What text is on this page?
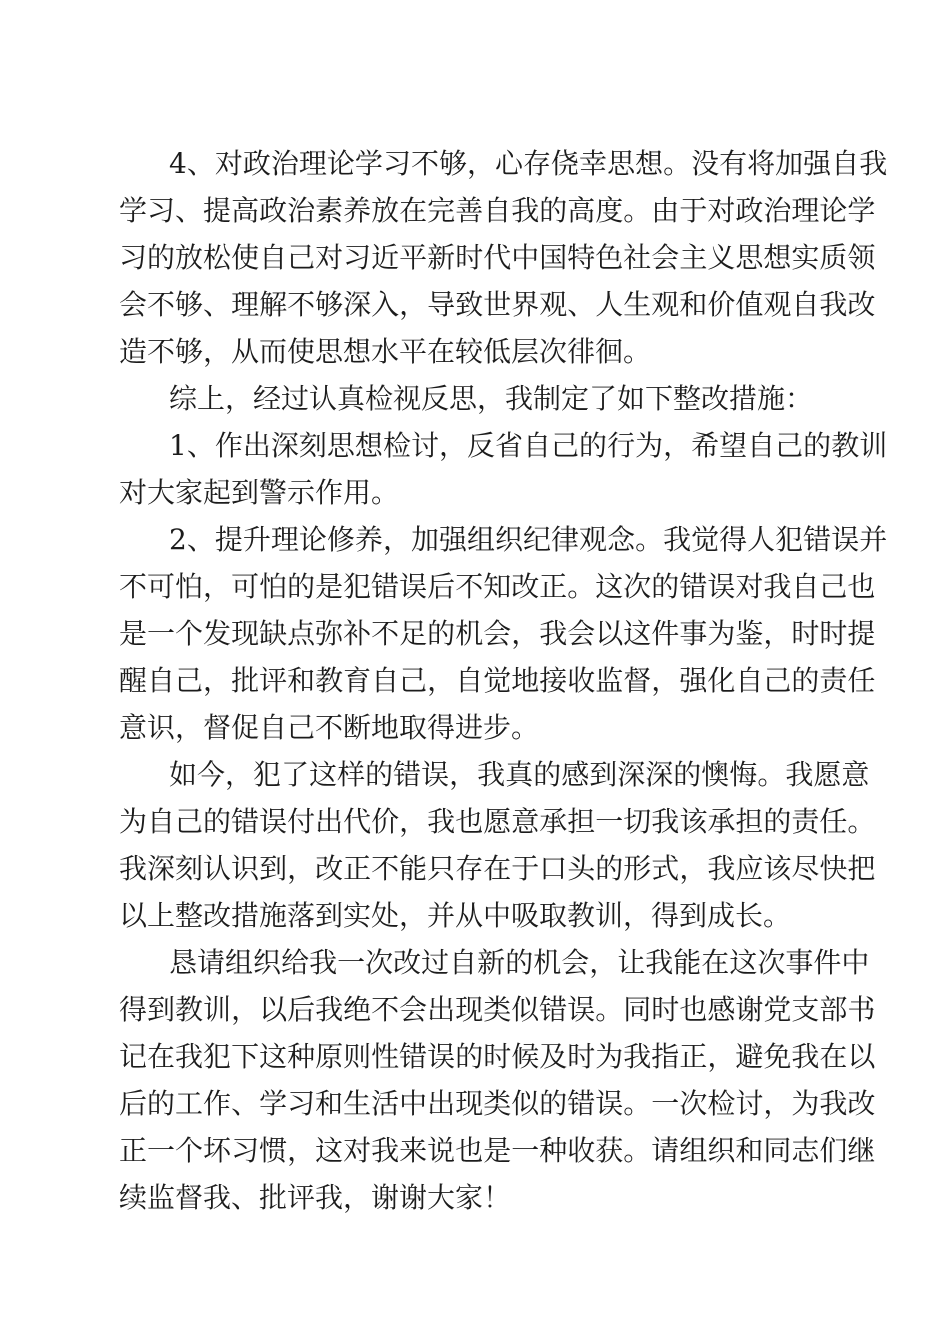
4 、 对 政 治 理 论 学 习 不 够 ， 心 存 侥 幸 思 想 。 没 有 将 加 强 自 我
学 习 、 提 高 政 治 素 养 放 在 完 善 自 我 的 高 度 。 由 于 对 政 治 理 论 学
习 的 放 松 使 自 己 对 习 近 平 新 时 代 中 国 特 色 社 会 主 义 思 想 实 质 领
会 不 够 、 理 解 不 够 深 入 ， 导 致 世 界 观 、 人 生 观 和 价 值 观 自 我 改
造不够，从而使思想水平在较低层次徘徊。
综上，经过认真检视反思，我制定了如下整改措施：
1 、 作 出 深 刻 思 想 检 讨 ， 反 省 自 己 的 行 为 ， 希 望 自 己 的 教 训
对大家起到警示作用。
2 、 提 升 理 论 修 养 ， 加 强 组 织 纪 律 观 念 。 我 觉 得 人 犯 错 误 并
不 可 怕 ， 可 怕 的 是 犯 错 误 后 不 知 改 正 。 这 次 的 错 误 对 我 自 己 也
是 一 个 发 现 缺 点 弥 补 不 足 的 机 会 ， 我 会 以 这 件 事 为 鉴 ， 时 时 提
醒 自 己 ， 批 评 和 教 育 自 己 ， 自 觉 地 接 收 监 督 ， 强 化 自 己 的 责 任
意识，督促自己不断地取得进步。
如 今 ， 犯 了 这 样 的 错 误 ， 我 真 的 感 到 深 深 的 懊 悔 。 我 愿 意
为 自 己 的 错 误 付 出 代 价 ， 我 也 愿 意 承 担 一 切 我 该 承 担 的 责 任 。
我 深 刻 认 识 到 ， 改 正 不 能 只 存 在 于 口 头 的 形 式 ， 我 应 该 尽 快 把
以上整改措施落到实处，并从中吸取教训，得到成长。
恳 请 组 织 给 我 一 次 改 过 自 新 的 机 会 ， 让 我 能 在 这 次 事 件 中
得 到 教 训 ， 以 后 我 绝 不 会 出 现 类 似 错 误 。 同 时 也 感 谢 党 支 部 书
记 在 我 犯 下 这 种 原 则 性 错 误 的 时 候 及 时 为 我 指 正 ， 避 免 我 在 以
后 的 工 作 、 学 习 和 生 活 中 出 现 类 似 的 错 误 。 一 次 检 讨 ， 为 我 改
正 一 个 坏 习 惯 ， 这 对 我 来 说 也 是 一 种 收 获 。 请 组 织 和 同 志 们 继
续监督我、批评我，谢谢大家！
